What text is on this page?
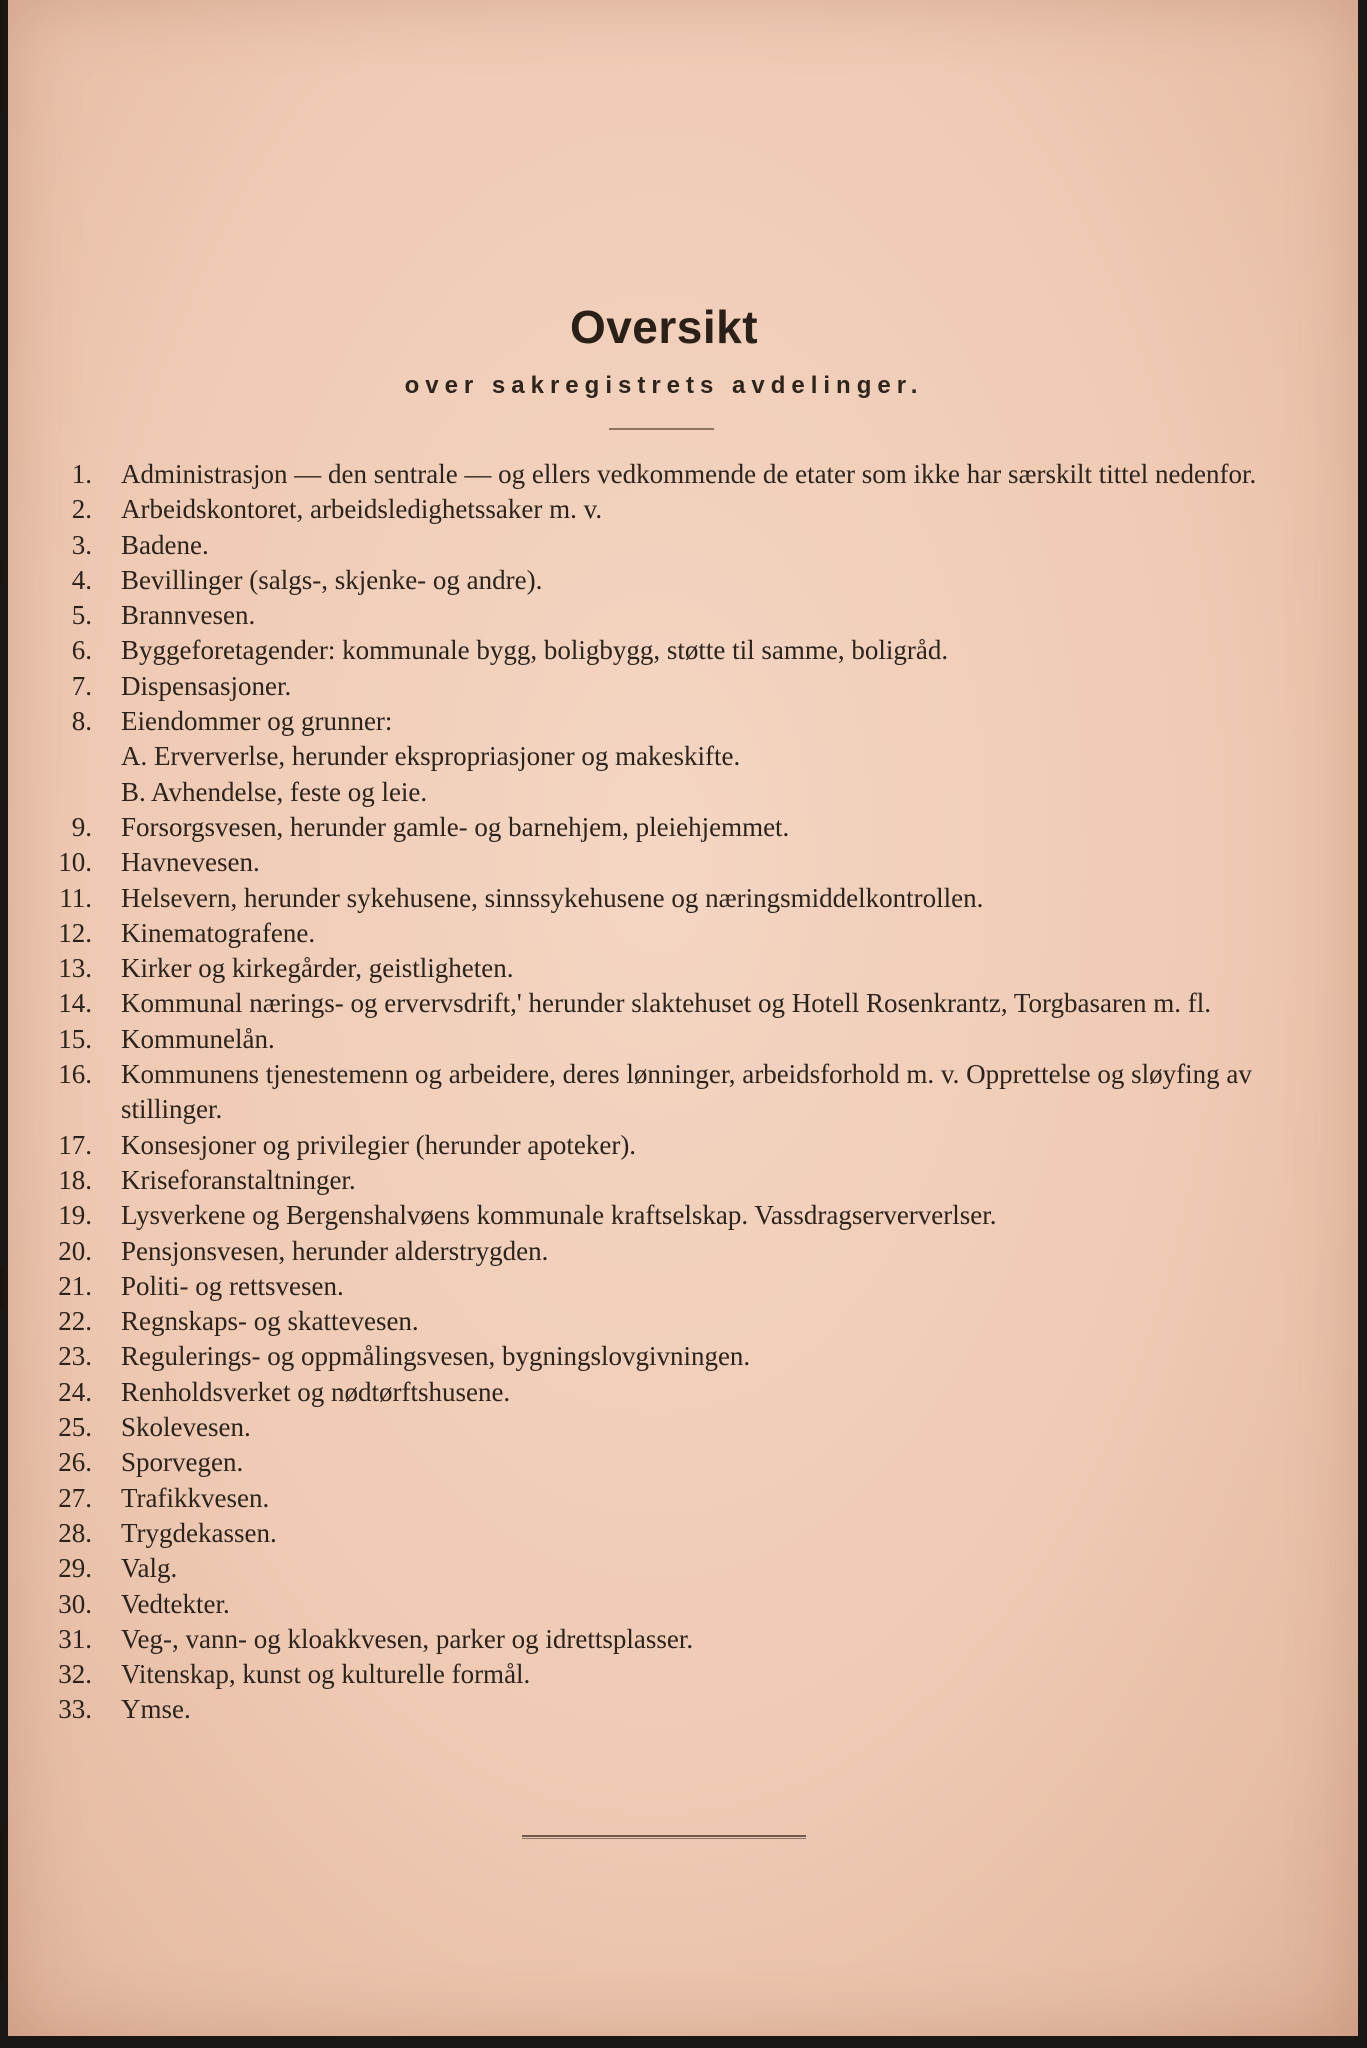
Oversikt
over sakregistrets avdelinger.
1. Administrasjon — den sentrale — og ellers vedkommende de etater som ikke har særskilt tittel nedenfor.
2. Arbeidskontoret, arbeidsledighetssaker m. v.
3. Badene.
4. Bevillinger (salgs-, skjenke- og andre).
5. Brannvesen.
6. Byggeforetagender: kommunale bygg, boligbygg, støtte til samme, boligråd.
7. Dispensasjoner.
8. Eiendommer og grunner:
A. Erververlse, herunder ekspropriasjoner og makeskifte.
B. Avhendelse, feste og leie.
9. Forsorgsvesen, herunder gamle- og barnehjem, pleiehjemmet.
10. Havnevesen.
11. Helsevern, herunder sykehusene, sinnssykehusene og næringsmiddelkontrollen.
12. Kinematografene.
13. Kirker og kirkegårder, geistligheten.
14. Kommunal nærings- og ervervsdrift,' herunder slaktehuset og Hotell Rosenkrantz, Torgbasaren m. fl.
15. Kommunelån.
16. Kommunens tjenestemenn og arbeidere, deres lønninger, arbeidsforhold m. v. Opprettelse og sløyfing av stillinger.
17. Konsesjoner og privilegier (herunder apoteker).
18. Kriseforanstaltninger.
19. Lysverkene og Bergenshalvøens kommunale kraftselskap. Vassdragserververlser.
20. Pensjonsvesen, herunder alderstrygden.
21. Politi- og rettsvesen.
22. Regnskaps- og skattevesen.
23. Regulerings- og oppmålingsvesen, bygningslovgivningen.
24. Renholdsverket og nødtørftshusene.
25. Skolevesen.
26. Sporvegen.
27. Trafikkvesen.
28. Trygdekassen.
29. Valg.
30. Vedtekter.
31. Veg-, vann- og kloakkvesen, parker og idrettsplasser.
32. Vitenskap, kunst og kulturelle formål.
33. Ymse.
